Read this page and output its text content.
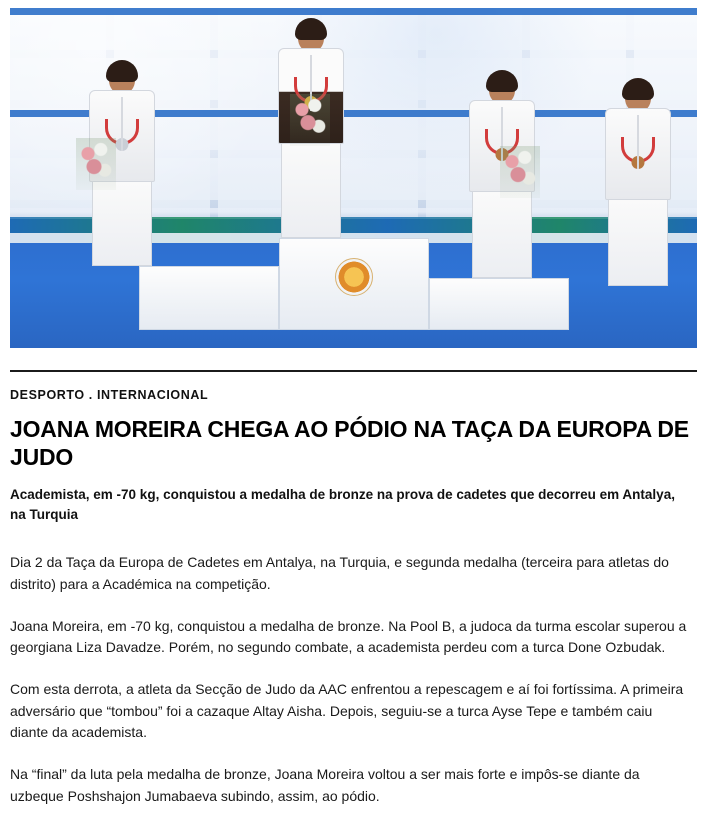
DESPORTO . INTERNACIONAL
JOANA MOREIRA CHEGA AO PÓDIO NA TAÇA DA EUROPA DE JUDO
Academista, em -70 kg, conquistou a medalha de bronze na prova de cadetes que decorreu em Antalya, na Turquia

Dia 2 da Taça da Europa de Cadetes em Antalya, na Turquia, e segunda medalha (terceira para atletas do distrito) para a Académica na competição.

Joana Moreira, em -70 kg, conquistou a medalha de bronze. Na Pool B, a judoca da turma escolar superou a georgiana Liza Davadze. Porém, no segundo combate, a academista perdeu com a turca Done Ozbudak.

Com esta derrota, a atleta da Secção de Judo da AAC enfrentou a repescagem e aí foi fortíssima. A primeira adversário que “tombou” foi a cazaque Altay Aisha. Depois, seguiu-se a turca Ayse Tepe e também caiu diante da academista.

Na “final” da luta pela medalha de bronze, Joana Moreira voltou a ser mais forte e impôs-se diante da uzbeque Poshshajon Jumabaeva subindo, assim, ao pódio.
